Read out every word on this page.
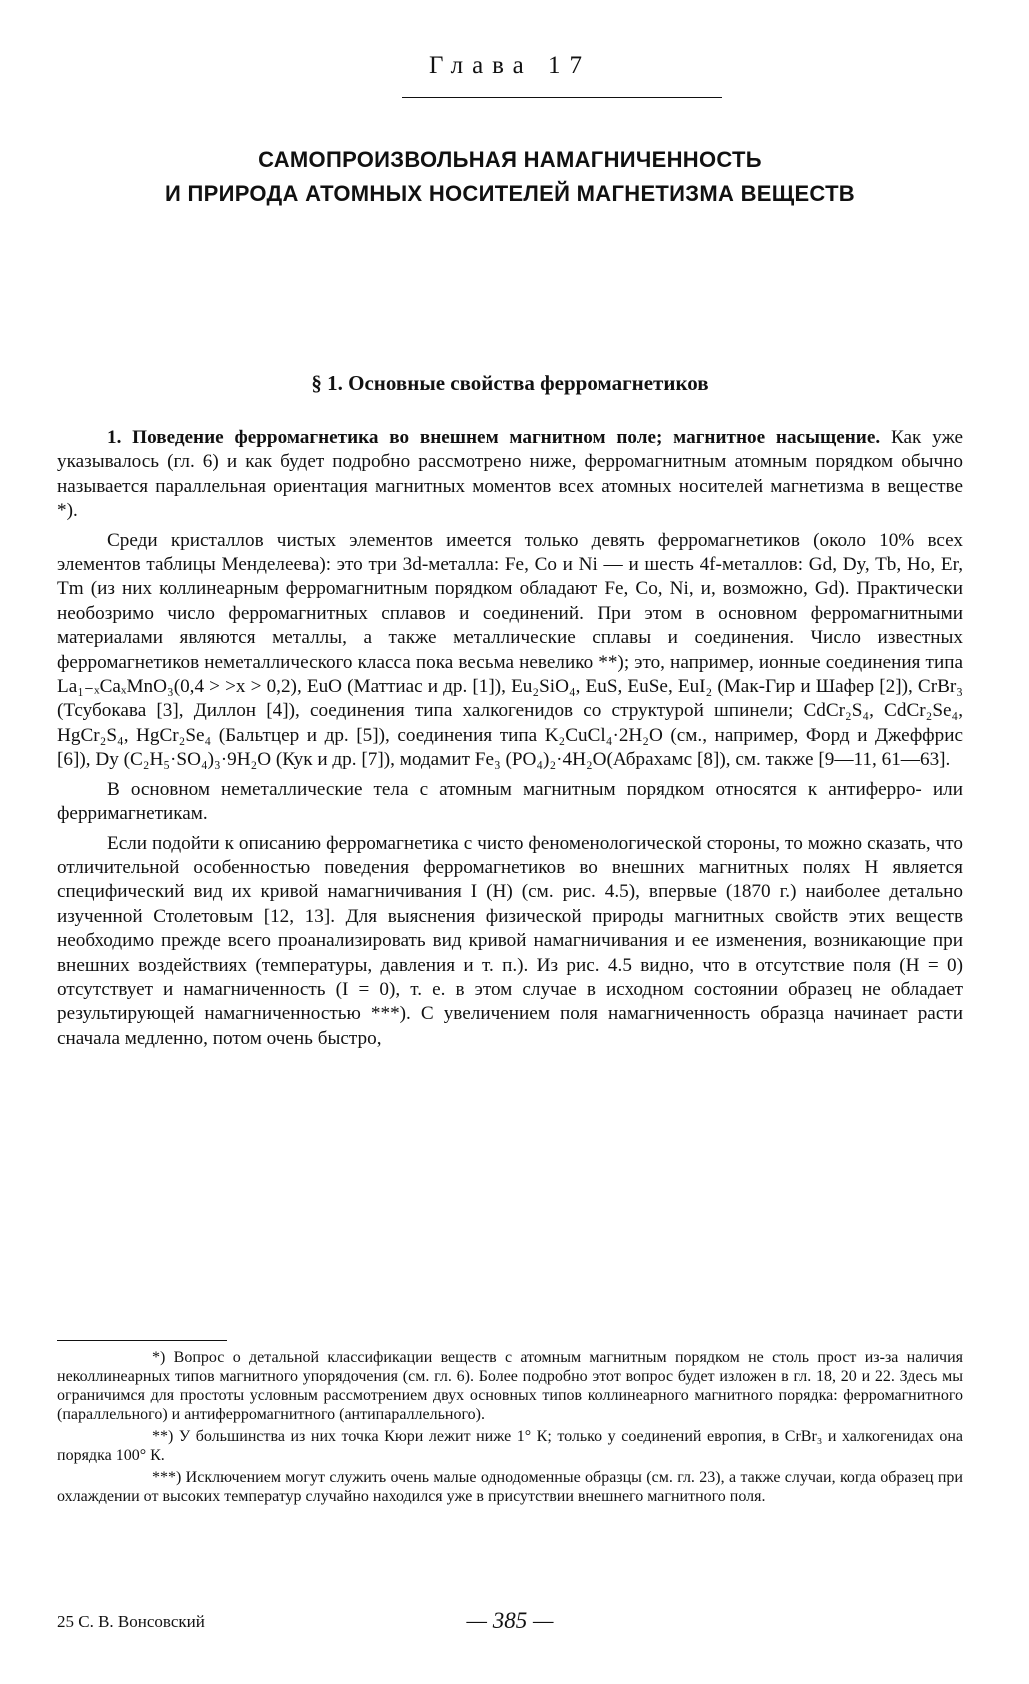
Глава 17
САМОПРОИЗВОЛЬНАЯ НАМАГНИЧЕННОСТЬ
И ПРИРОДА АТОМНЫХ НОСИТЕЛЕЙ МАГНЕТИЗМА ВЕЩЕСТВ
§ 1. Основные свойства ферромагнетиков

1. Поведение ферромагнетика во внешнем магнитном поле; магнитное насыщение. Как уже указывалось (гл. 6) и как будет подробно рассмотрено ниже, ферромагнитным атомным порядком обычно называется параллельная ориентация магнитных моментов всех атомных носителей магнетизма в веществе *).

Среди кристаллов чистых элементов имеется только девять ферромагнетиков (около 10% всех элементов таблицы Менделеева): это три 3d-металла: Fe, Co и Ni — и шесть 4f-металлов: Gd, Dy, Tb, Ho, Er, Tm (из них коллинеарным ферромагнитным порядком обладают Fe, Co, Ni, и, возможно, Gd). Практически необозримо число ферромагнитных сплавов и соединений. При этом в основном ферромагнитными материалами являются металлы, а также металлические сплавы и соединения. Число известных ферромагнетиков неметаллического класса пока весьма невелико **); это, например, ионные соединения типа La₁₋ₓCaₓMnO₃(0,4 > >x > 0,2), EuO (Маттиас и др. [1]), Eu₂SiO₄, EuS, EuSe, EuI₂ (Мак-Гир и Шафер [2]), CrBr₃ (Тсубокава [3], Диллон [4]), соединения типа халкогенидов со структурой шпинели; CdCr₂S₄, CdCr₂Se₄, HgCr₂S₄, HgCr₂Se₄ (Бальтцер и др. [5]), соединения типа K₂CuCl₄·2H₂O (см., например, Форд и Джеффрис [6]), Dy (C₂H₅·SO₄)₃·9H₂O (Кук и др. [7]), модамит Fe₃ (PO₄)₂·4H₂O(Абрахамс [8]), см. также [9—11, 61—63].

В основном неметаллические тела с атомным магнитным порядком относятся к антиферро- или ферримагнетикам.

Если подойти к описанию ферромагнетика с чисто феноменологической стороны, то можно сказать, что отличительной особенностью поведения ферромагнетиков во внешних магнитных полях H является специфический вид их кривой намагничивания I (H) (см. рис. 4.5), впервые (1870 г.) наиболее детально изученной Столетовым [12, 13]. Для выяснения физической природы магнитных свойств этих веществ необходимо прежде всего проанализировать вид кривой намагничивания и ее изменения, возникающие при внешних воздействиях (температуры, давления и т. п.). Из рис. 4.5 видно, что в отсутствие поля (H = 0) отсутствует и намагниченность (I = 0), т. е. в этом случае в исходном состоянии образец не обладает результирующей намагниченностью ***). С увеличением поля намагниченность образца начинает расти сначала медленно, потом очень быстро,

*) Вопрос о детальной классификации веществ с атомным магнитным порядком не столь прост из-за наличия неколлинеарных типов магнитного упорядочения (см. гл. 6). Более подробно этот вопрос будет изложен в гл. 18, 20 и 22. Здесь мы ограничимся для простоты условным рассмотрением двух основных типов коллинеарного магнитного порядка: ферромагнитного (параллельного) и антиферромагнитного (антипараллельного).

**) У большинства из них точка Кюри лежит ниже 1° К; только у соединений европия, в CrBr₃ и халкогенидах она порядка 100° К.

***) Исключением могут служить очень малые однодоменные образцы (см. гл. 23), а также случаи, когда образец при охлаждении от высоких температур случайно находился уже в присутствии внешнего магнитного поля.

25 С. В. Вонсовский	— 385 —
